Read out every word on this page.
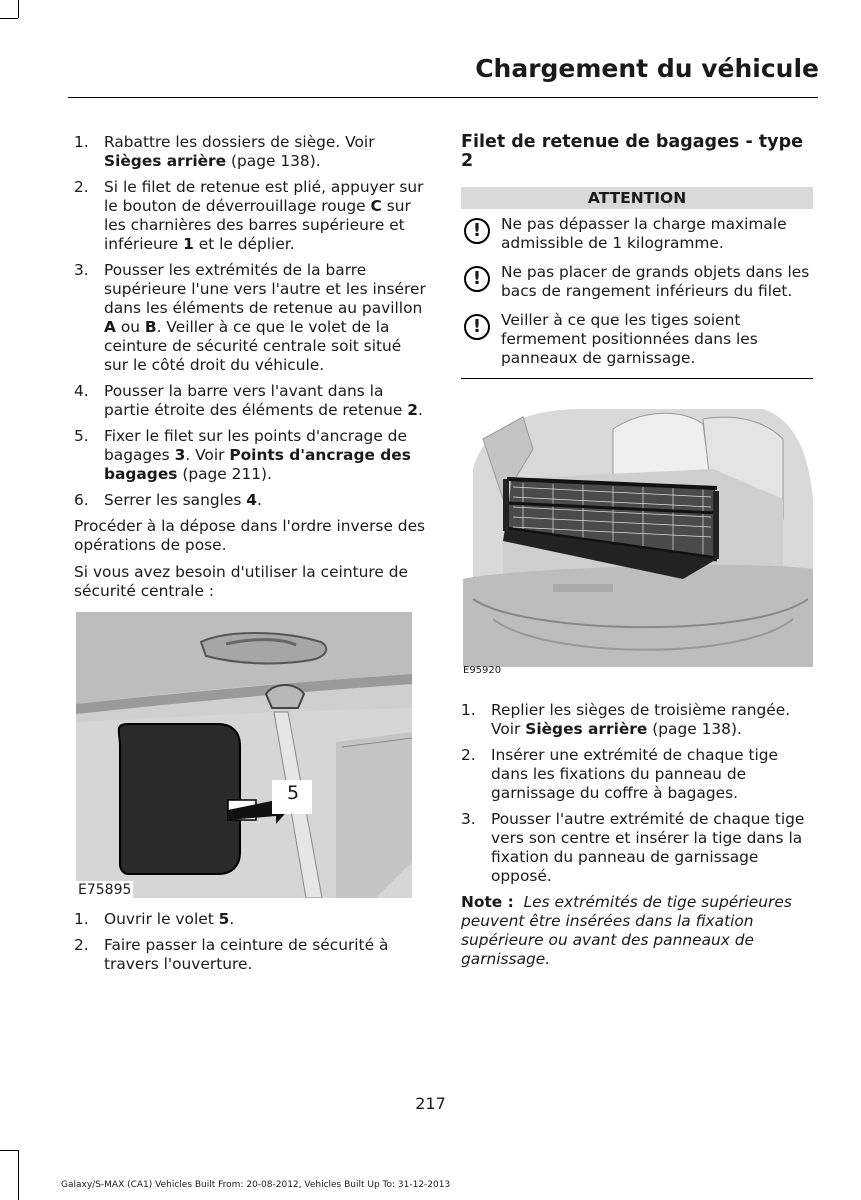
Chargement du véhicule
1. Rabattre les dossiers de siège. Voir Sièges arrière (page 138).
2. Si le filet de retenue est plié, appuyer sur le bouton de déverrouillage rouge C sur les charnières des barres supérieure et inférieure 1 et le déplier.
3. Pousser les extrémités de la barre supérieure l'une vers l'autre et les insérer dans les éléments de retenue au pavillon A ou B. Veiller à ce que le volet de la ceinture de sécurité centrale soit situé sur le côté droit du véhicule.
4. Pousser la barre vers l'avant dans la partie étroite des éléments de retenue 2.
5. Fixer le filet sur les points d'ancrage de bagages 3. Voir Points d'ancrage des bagages (page 211).
6. Serrer les sangles 4.

Procéder à la dépose dans l'ordre inverse des opérations de pose.

Si vous avez besoin d'utiliser la ceinture de sécurité centrale :

5
E75895
1. Ouvrir le volet 5.
2. Faire passer la ceinture de sécurité à travers l'ouverture.
Filet de retenue de bagages - type 2
ATTENTION
!	Ne pas dépasser la charge maximale admissible de 1 kilogramme.
!	Ne pas placer de grands objets dans les bacs de rangement inférieurs du filet.
!	Veiller à ce que les tiges soient fermement positionnées dans les panneaux de garnissage.
E95920
1. Replier les sièges de troisième rangée. Voir Sièges arrière (page 138).
2. Insérer une extrémité de chaque tige dans les fixations du panneau de garnissage du coffre à bagages.
3. Pousser l'autre extrémité de chaque tige vers son centre et insérer la tige dans la fixation du panneau de garnissage opposé.

Note : Les extrémités de tige supérieures peuvent être insérées dans la fixation supérieure ou avant des panneaux de garnissage.

217
Galaxy/S-MAX (CA1) Vehicles Built From: 20-08-2012, Vehicles Built Up To: 31-12-2013
